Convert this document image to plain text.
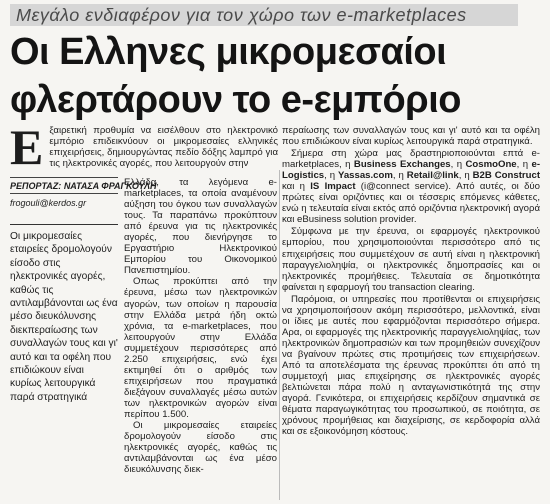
Μεγάλο ενδιαφέρον για τον χώρο των e-marketplaces
Οι Ελληνες μικρομεσαίοι
φλερτάρουν το e-εμπόριο
Εξαιρετική προθυμία να εισέλθουν στο ηλεκτρονικό εμπόριο επιδεικνύουν οι μικρομεσαίες ελληνικές επιχειρήσεις, δημιουργώντας πεδίο δόξης λαμπρό για τις ηλεκτρονικές αγορές, που λειτουργούν στην
ΡΕΠΟΡΤΑΖ: ΝΑΤΑΣΑ ΦΡΑΓΚΟΥΛΗ
frogouli@kerdos.gr
Οι μικρομεσαίες εταιρείες δρομολογούν είσοδο στις ηλεκτρονικές αγορές, καθώς τις αντιλαμβάνονται ως ένα μέσο διευκόλυνσης διεκπεραίωσης των συναλλαγών τους και γι' αυτό και τα οφέλη που επιδιώκουν είναι κυρίως λειτουργικά παρά στρατηγικά

Ελλάδα, τα λεγόμενα e-marketplaces, τα οποία αναμένουν αύξηση του όγκου των συναλλαγών τους. Τα παραπάνω προκύπτουν από έρευνα για τις ηλεκτρονικές αγορές, που διενήργησε το Εργαστήριο Ηλεκτρονικού Εμπορίου του Οικονομικού Πανεπιστημίου.

Οπως προκύπτει από την έρευνα, μέσω των ηλεκτρονικών αγορών, των οποίων η παρουσία στην Ελλάδα μετρά ήδη οκτώ χρόνια, τα e-marketplaces, που λειτουργούν στην Ελλάδα συμμετέχουν περισσότερες από 2.250 επιχειρήσεις, ενώ έχει εκτιμηθεί ότι ο αριθμός των επιχειρήσεων που πραγματικά διεξάγουν συναλλαγές μέσω αυτών των ηλεκτρονικών αγορών είναι περίπου 1.500.

Οι μικρομεσαίες εταιρείες δρομολογούν είσοδο στις ηλεκτρονικές αγορές, καθώς τις αντιλαμβάνονται ως ένα μέσο διευκόλυνσης διεκ-

περαίωσης των συναλλαγών τους και γι' αυτό και τα οφέλη που επιδιώκουν είναι κυρίως λειτουργικά παρά στρατηγικά.

Σήμερα στη χώρα μας δραστηριοποιούνται επτά e-marketplaces, η Business Exchanges, η CosmoOne, η e-Logistics, η Yassas.com, η Retail@link, η B2B Construct και η IS Impact (i@connect service). Από αυτές, οι δύο πρώτες είναι οριζόντιες και οι τέσσερις επόμενες κάθετες, ενώ η τελευταία είναι εκτός από οριζόντια ηλεκτρονική αγορά και eBusiness solution provider.

Σύμφωνα με την έρευνα, οι εφαρμογές ηλεκτρονικού εμπορίου, που χρησιμοποιούνται περισσότερο από τις επιχειρήσεις που συμμετέχουν σε αυτή είναι η ηλεκτρονική παραγγελιοληψία, οι ηλεκτρονικές δημοπρασίες και οι ηλεκτρονικές προμήθειες. Τελευταία σε δημοτικότητα φαίνεται η εφαρμογή του transaction clearing.

Παρόμοια, οι υπηρεσίες που προτίθενται οι επιχειρήσεις να χρησιμοποιήσουν ακόμη περισσότερο, μελλοντικά, είναι οι ίδιες με αυτές που εφαρμόζονται περισσότερο σήμερα. Αρα, οι εφαρμογές της ηλεκτρονικής παραγγελιοληψίας, των ηλεκτρονικών δημοπρασιών και των προμηθειών συνεχίζουν να βγαίνουν πρώτες στις προτιμήσεις των επιχειρήσεων. Από τα αποτελέσματα της έρευνας προκύπτει ότι από τη συμμετοχή μιας επιχείρησης σε ηλεκτρονικές αγορές βελτιώνεται πάρα πολύ η ανταγωνιστικότητά της στην αγορά. Γενικότερα, οι επιχειρήσεις κερδίζουν σημαντικά σε θέματα παραγωγικότητας του προσωπικού, σε ποιότητα, σε χρόνους προμήθειας και διαχείρισης, σε κερδοφορία αλλά και σε εξοικονόμηση κόστους.
